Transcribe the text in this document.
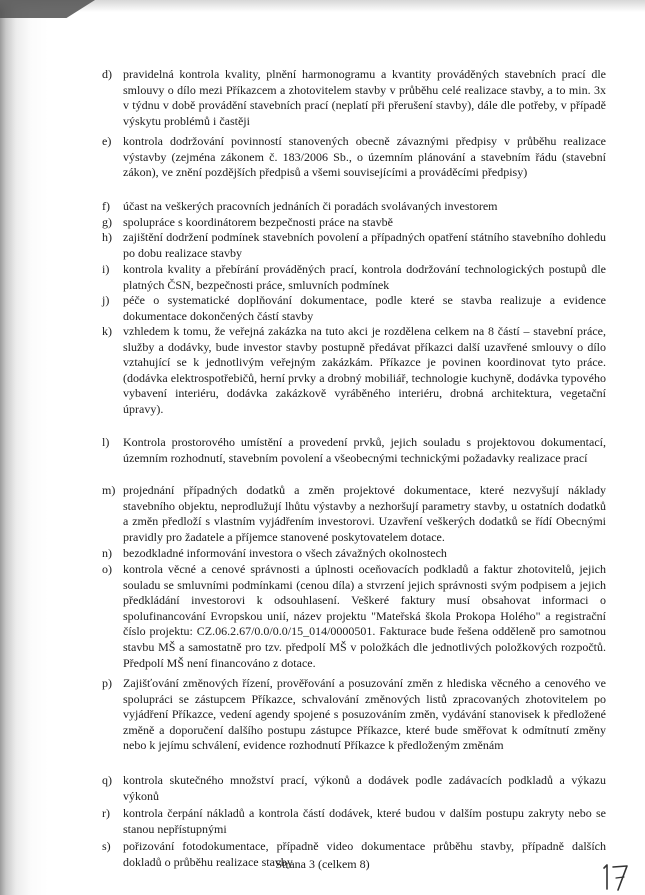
d) pravidelná kontrola kvality, plnění harmonogramu a kvantity prováděných stavebních prací dle smlouvy o dílo mezi Příkazcem a zhotovitelem stavby v průběhu celé realizace stavby, a to min. 3x v týdnu v době provádění stavebních prací (neplatí při přerušení stavby), dále dle potřeby, v případě výskytu problémů i častěji
e) kontrola dodržování povinností stanovených obecně závaznými předpisy v průběhu realizace výstavby (zejména zákonem č. 183/2006 Sb., o územním plánování a stavebním řádu (stavební zákon), ve znění pozdějších předpisů a všemi souvisejícími a prováděcími předpisy)
f) účast na veškerých pracovních jednáních či poradách svolávaných investorem
g) spolupráce s koordinátorem bezpečnosti práce na stavbě
h) zajištění dodržení podmínek stavebních povolení a případných opatření státního stavebního dohledu po dobu realizace stavby
i) kontrola kvality a přebírání prováděných prací, kontrola dodržování technologických postupů dle platných ČSN, bezpečnosti práce, smluvních podmínek
j) péče o systematické doplňování dokumentace, podle které se stavba realizuje a evidence dokumentace dokončených částí stavby
k) vzhledem k tomu, že veřejná zakázka na tuto akci je rozdělena celkem na 8 částí – stavební práce, služby a dodávky, bude investor stavby postupně předávat příkazci další uzavřené smlouvy o dílo vztahující se k jednotlivým veřejným zakázkám. Příkazce je povinen koordinovat tyto práce. (dodávka elektrospotřebičů, herní prvky a drobný mobiliář, technologie kuchyně, dodávka typového vybavení interiéru, dodávka zakázkově vyráběného interiéru, drobná architektura, vegetační úpravy).
l) Kontrola prostorového umístění a provedení prvků, jejich souladu s projektovou dokumentací, územním rozhodnutí, stavebním povolení a všeobecnými technickými požadavky realizace prací
m) projednání případných dodatků a změn projektové dokumentace, které nezvyšují náklady stavebního objektu, neprodlužují lhůtu výstavby a nezhoršují parametry stavby, u ostatních dodatků a změn předloží s vlastním vyjádřením investorovi. Uzavření veškerých dodatků se řídí Obecnými pravidly pro žadatele a příjemce stanovené poskytovatelem dotace.
n) bezodkladné informování investora o všech závažných okolnostech
o) kontrola věcné a cenové správnosti a úplnosti oceňovacích podkladů a faktur zhotovitelů, jejich souladu se smluvními podmínkami (cenou díla) a stvrzení jejich správnosti svým podpisem a jejich předkládání investorovi k odsouhlasení. Veškeré faktury musí obsahovat informaci o spolufinancování Evropskou unií, název projektu "Mateřská škola Prokopa Holého" a registrační číslo projektu: CZ.06.2.67/0.0/0.0/15_014/0000501. Fakturace bude řešena odděleně pro samotnou stavbu MŠ a samostatně pro tzv. předpolí MŠ v položkách dle jednotlivých položkových rozpočtů. Předpolí MŠ není financováno z dotace.
p) Zajišťování změnových řízení, prověřování a posuzování změn z hlediska věcného a cenového ve spolupráci se zástupcem Příkazce, schvalování změnových listů zpracovaných zhotovitelem po vyjádření Příkazce, vedení agendy spojené s posuzováním změn, vydávání stanovisek k předložené změně a doporučení dalšího postupu zástupce Příkazce, které bude směřovat k odmítnutí změny nebo k jejímu schválení, evidence rozhodnutí Příkazce k předloženým změnám
q) kontrola skutečného množství prací, výkonů a dodávek podle zadávacích podkladů a výkazu výkonů
r) kontrola čerpání nákladů a kontrola částí dodávek, které budou v dalším postupu zakryty nebo se stanou nepřístupnými
s) pořizování fotodokumentace, případně video dokumentace průběhu stavby, případně dalších dokladů o průběhu realizace stavby
Strana 3 (celkem 8)
